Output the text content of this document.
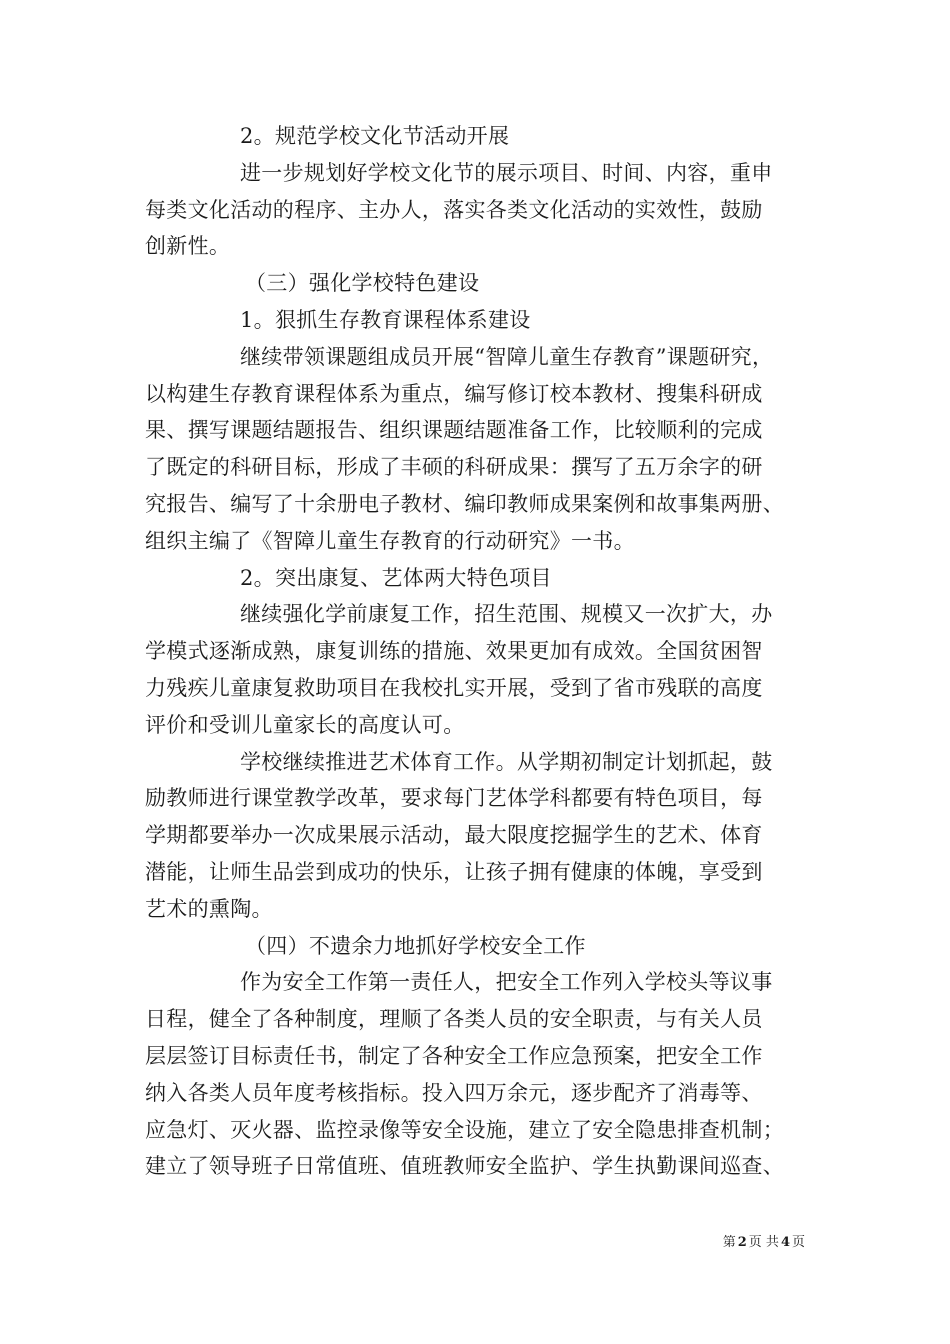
2。规范学校文化节活动开展
进一步规划好学校文化节的展示项目、时间、内容，重申
每类文化活动的程序、主办人，落实各类文化活动的实效性，鼓励
创新性。
（三）强化学校特色建设
1。狠抓生存教育课程体系建设
继续带领课题组成员开展“智障儿童生存教育”课题研究，
以构建生存教育课程体系为重点，编写修订校本教材、搜集科研成
果、撰写课题结题报告、组织课题结题准备工作，比较顺利的完成
了既定的科研目标，形成了丰硕的科研成果：撰写了五万余字的研
究报告、编写了十余册电子教材、编印教师成果案例和故事集两册、
组织主编了《智障儿童生存教育的行动研究》一书。
2。突出康复、艺体两大特色项目
继续强化学前康复工作，招生范围、规模又一次扩大，办
学模式逐渐成熟，康复训练的措施、效果更加有成效。全国贫困智
力残疾儿童康复救助项目在我校扎实开展，受到了省市残联的高度
评价和受训儿童家长的高度认可。
学校继续推进艺术体育工作。从学期初制定计划抓起，鼓
励教师进行课堂教学改革，要求每门艺体学科都要有特色项目，每
学期都要举办一次成果展示活动，最大限度挖掘学生的艺术、体育
潜能，让师生品尝到成功的快乐，让孩子拥有健康的体魄，享受到
艺术的熏陶。
（四）不遗余力地抓好学校安全工作
作为安全工作第一责任人，把安全工作列入学校头等议事
日程，健全了各种制度，理顺了各类人员的安全职责，与有关人员
层层签订目标责任书，制定了各种安全工作应急预案，把安全工作
纳入各类人员年度考核指标。投入四万余元，逐步配齐了消毒等、
应急灯、灭火器、监控录像等安全设施，建立了安全隐患排查机制；
建立了领导班子日常值班、值班教师安全监护、学生执勤课间巡查、
第 2 页 共 4 页
